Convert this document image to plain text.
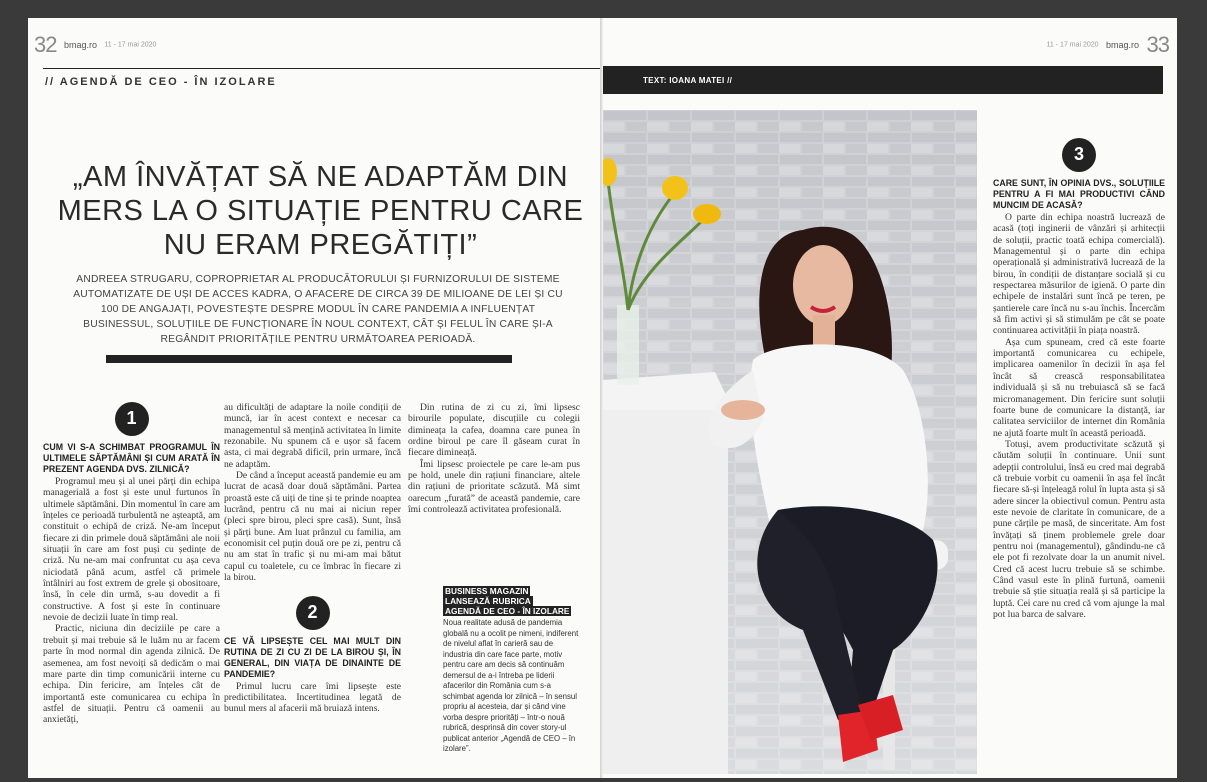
32 bmag.ro 11 - 17 mai 2020
// AGENDĂ DE CEO - ÎN IZOLARE
„AM ÎNVĂȚAT SĂ NE ADAPTĂM DIN MERS LA O SITUAȚIE PENTRU CARE NU ERAM PREGĂTIȚI”

ANDREEA STRUGARU, COPROPRIETAR AL PRODUCĂTORULUI ȘI FURNIZORULUI DE SISTEME AUTOMATIZATE DE UȘI DE ACCES KADRA, O AFACERE DE CIRCA 39 DE MILIOANE DE LEI ȘI CU 100 DE ANGAJAȚI, POVESTEȘTE DESPRE MODUL ÎN CARE PANDEMIA A INFLUENȚAT BUSINESSUL, SOLUȚIILE DE FUNCȚIONARE ÎN NOUL CONTEXT, CÂT ȘI FELUL ÎN CARE ȘI-A REGÂNDIT PRIORITĂȚILE PENTRU URMĂTOAREA PERIOADĂ.

1
CUM VI S-A SCHIMBAT PROGRAMUL ÎN ULTIMELE SĂPTĂMÂNI ȘI CUM ARATĂ ÎN PREZENT AGENDA DVS. ZILNICĂ?

Programul meu și al unei părți din echipa managerială a fost și este unul furtunos în ultimele săptămâni. Din momentul în care am înțeles ce perioadă turbulentă ne așteaptă, am constituit o echipă de criză. Ne-am început fiecare zi din primele două săptămâni ale noii situații în care am fost puși cu ședințe de criză. Nu ne-am mai confruntat cu așa ceva niciodată până acum, astfel că primele întâlniri au fost extrem de grele și obositoare, însă, în cele din urmă, s-au dovedit a fi constructive. A fost și este în continuare nevoie de decizii luate în timp real.

Practic, niciuna din deciziile pe care a trebuit și mai trebuie să le luăm nu ar facem parte în mod normal din agenda zilnică. De asemenea, am fost nevoiți să dedicăm o mai mare parte din timp comunicării interne cu echipa. Din fericire, am înțeles cât de importantă este comunicarea cu echipa în astfel de situații. Pentru că oamenii au anxietăți,

au dificultăți de adaptare la noile condiții de muncă, iar în acest context e necesar ca managementul să mențină activitatea în limite rezonabile. Nu spunem că e ușor să facem asta, ci mai degrabă dificil, prin urmare, încă ne adaptăm.

De când a început această pandemie eu am lucrat de acasă doar două săptămâni. Partea proastă este că uiți de tine și te prinde noaptea lucrând, pentru că nu mai ai niciun reper (pleci spre birou, pleci spre casă). Sunt, însă și părți bune. Am luat prânzul cu familia, am economisit cel puțin două ore pe zi, pentru că nu am stat în trafic și nu mi-am mai bătut capul cu toaletele, cu ce îmbrac în fiecare zi la birou.

2
CE VĂ LIPSEȘTE CEL MAI MULT DIN RUTINA DE ZI CU ZI DE LA BIROU ȘI, ÎN GENERAL, DIN VIAȚA DE DINAINTE DE PANDEMIE?

Primul lucru care îmi lipsește este predictibilitatea. Incertitudinea legată de bunul mers al afacerii mă bruiază intens.

Din rutina de zi cu zi, îmi lipsesc birourile populate, discuțiile cu colegii dimineața la cafea, doamna care punea în ordine biroul pe care îl găseam curat în fiecare dimineață.

Îmi lipsesc proiectele pe care le-am pus pe hold, unele din rațiuni financiare, altele din rațiuni de prioritate scăzută. Mă simt oarecum „furată” de această pandemie, care îmi controlează activitatea profesională.

BUSINESS MAGAZIN
LANSEAZĂ RUBRICA
AGENDĂ DE CEO - ÎN IZOLARE
Noua realitate adusă de pandemia globală nu a ocolit pe nimeni, indiferent de nivelul aflat în carieră sau de industria din care face parte, motiv pentru care am decis să continuăm demersul de a-i întreba pe liderii afacerilor din România cum s-a schimbat agenda lor zilnică – în sensul propriu al acesteia, dar și când vine vorba despre priorități – într-o nouă rubrică, desprinsă din cover story-ul publicat anterior „Agendă de CEO – în izolare”.
11 - 17 mai 2020 bmag.ro 33
TEXT: IOANA MATEI //
3
CARE SUNT, ÎN OPINIA DVS., SOLUȚIILE PENTRU A FI MAI PRODUCTIVI CÂND MUNCIM DE ACASĂ?

O parte din echipa noastră lucrează de acasă (toți inginerii de vânzări și arhitecții de soluții, practic toată echipa comercială). Managementul și o parte din echipa operațională și administrativă lucrează de la birou, în condiții de distanțare socială și cu respectarea măsurilor de igienă. O parte din echipele de instalări sunt încă pe teren, pe șantierele care încă nu s-au închis. Încercăm să fim activi și să stimulăm pe cât se poate continuarea activității în piața noastră.

Așa cum spuneam, cred că este foarte importantă comunicarea cu echipele, implicarea oamenilor în decizii în așa fel încât să crească responsabilitatea individuală și să nu trebuiască să se facă micromanagement. Din fericire sunt soluții foarte bune de comunicare la distanță, iar calitatea serviciilor de internet din România ne ajută foarte mult în această perioadă.

Totuși, avem productivitate scăzută și căutăm soluții în continuare. Unii sunt adepții controlului, însă eu cred mai degrabă că trebuie vorbit cu oamenii în așa fel încât fiecare să-și înțeleagă rolul în lupta asta și să adere sincer la obiectivul comun. Pentru asta este nevoie de claritate în comunicare, de a pune cărțile pe masă, de sinceritate. Am fost învățați să ținem problemele grele doar pentru noi (managementul), gândindu-ne că ele pot fi rezolvate doar la un anumit nivel. Cred că acest lucru trebuie să se schimbe. Când vasul este în plină furtună, oamenii trebuie să știe situația reală și să participe la luptă. Cei care nu cred că vom ajunge la mal pot lua barca de salvare.
